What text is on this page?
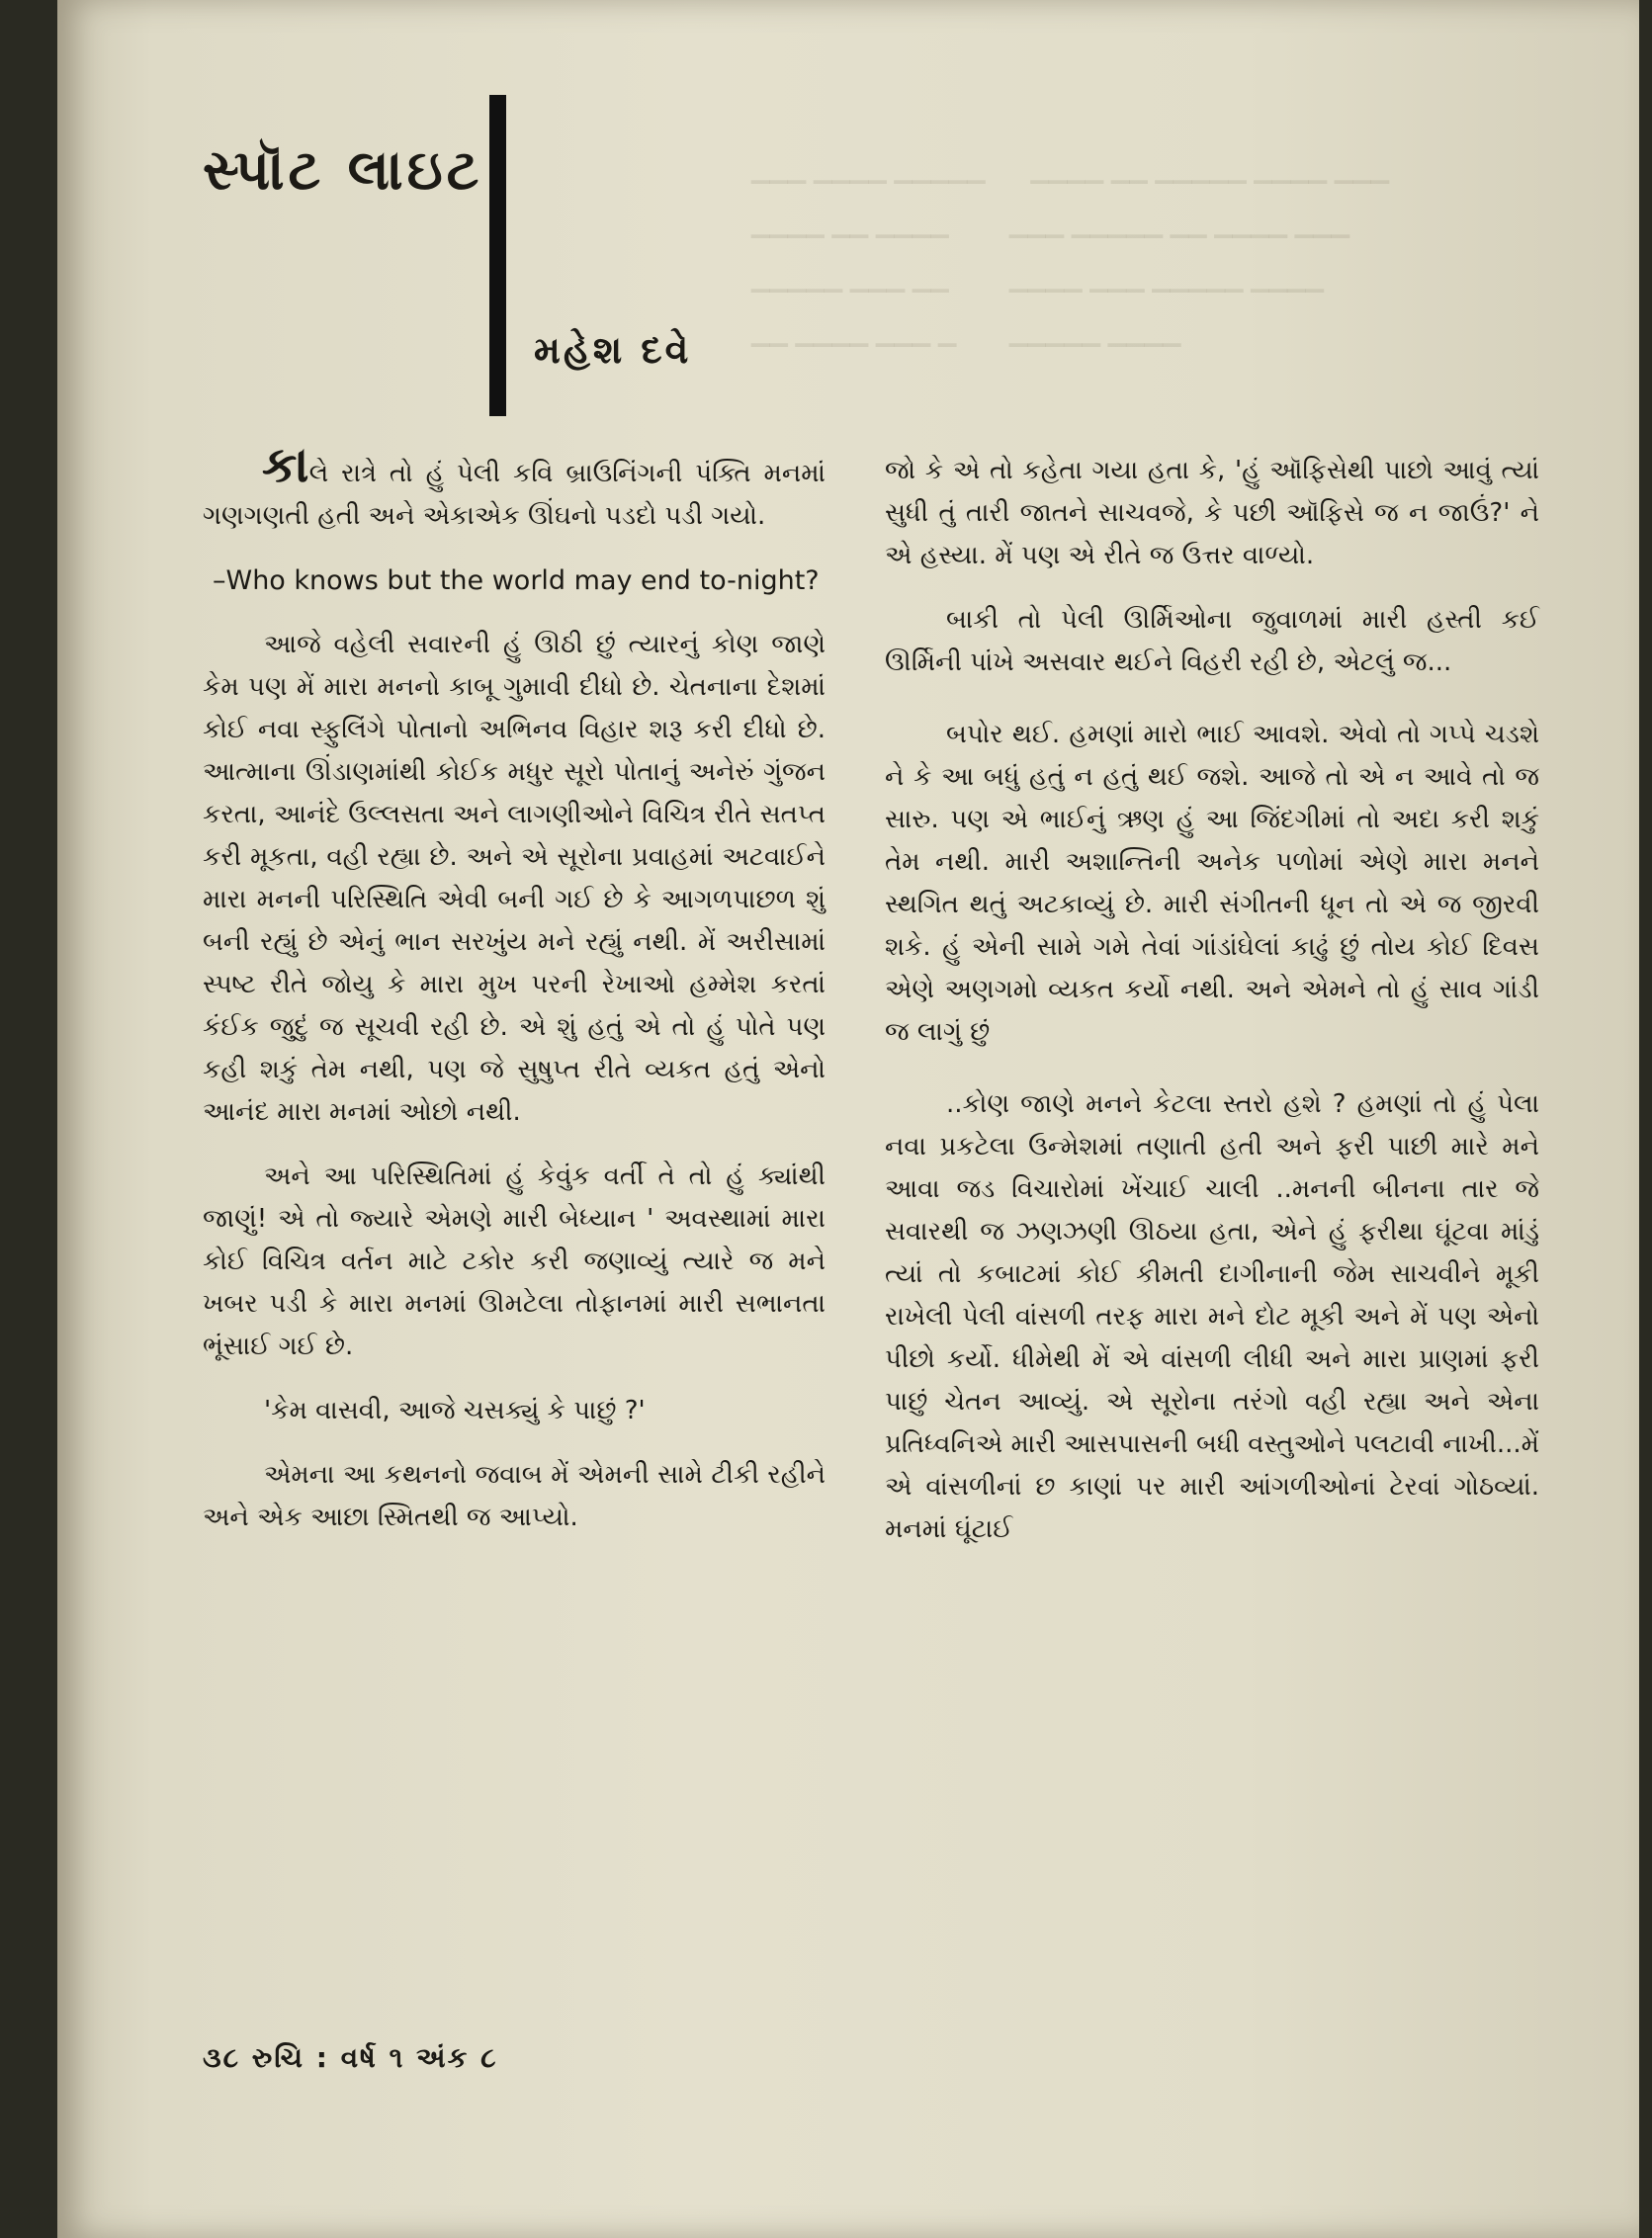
▁▁▁ ▁▁▁▁ ▁▁▁▁▁      ▁▁▁▁ ▁▁ ▁▁▁▁▁ ▁▁▁▁ ▁▁▁
▁▁▁▁ ▁▁ ▁▁▁▁        ▁▁▁ ▁▁▁▁▁ ▁▁ ▁▁▁▁ ▁▁▁
▁▁▁▁▁ ▁▁▁ ▁▁        ▁▁▁▁ ▁▁▁ ▁▁▁▁▁ ▁▁▁▁
▁▁ ▁▁▁▁ ▁▁▁ ▁       ▁▁▁▁▁ ▁▁▁▁

સ્પૉટ લાઇટ
મહેશ દવે

કાલે રાત્રે તો હું પેલી કવિ બ્રાઉનિંગની પંક્તિ મનમાં ગણગણતી હતી અને એકાએક ઊંઘનો પડદો પડી ગયો.

–Who knows but the world may end to-night?

આજે વહેલી સવારની હું ઊઠી છું ત્યારનું કોણ જાણે કેમ પણ મેં મારા મનનો કાબૂ ગુમાવી દીધો છે. ચેતનાના દેશમાં કોઈ નવા સ્ફુલિંગે પોતાનો અભિનવ વિહાર શરૂ કરી દીધો છે. આત્માના ઊંડાણમાંથી કોઈક મધુર સૂરો પોતાનું અનેરું ગુંજન કરતા, આનંદે ઉલ્લસતા અને લાગણીઓને વિચિત્ર રીતે સતપ્ત કરી મૂકતા, વહી રહ્યા છે. અને એ સૂરોના પ્રવાહમાં અટવાઈને મારા મનની પરિસ્થિતિ એવી બની ગઈ છે કે આગળપાછળ શું બની રહ્યું છે એનું ભાન સરખુંય મને રહ્યું નથી. મેં અરીસામાં સ્પષ્ટ રીતે જોયુ કે મારા મુખ પરની રેખાઓ હમ્મેશ કરતાં કંઈક જુદું જ સૂચવી રહી છે. એ શું હતું એ તો હું પોતે પણ કહી શકું તેમ નથી, પણ જે સુષુપ્ત રીતે વ્યકત હતું એનો આનંદ મારા મનમાં ઓછો નથી.

અને આ પરિસ્થિતિમાં હું કેવુંક વર્તી તે તો હું ક્યાંથી જાણું! એ તો જ્યારે એમણે મારી બેધ્યાન ' અવસ્થામાં મારા કોઈ વિચિત્ર વર્તન માટે ટકોર કરી જણાવ્યું ત્યારે જ મને ખબર પડી કે મારા મનમાં ઊમટેલા તોફાનમાં મારી સભાનતા ભૂંસાઈ ગઈ છે.

'કેમ વાસવી, આજે ચસક્યું કે પાછું ?'

એમના આ કથનનો જવાબ મેં એમની સામે ટીકી રહીને અને એક આછા સ્મિતથી જ આપ્યો.

જો કે એ તો કહેતા ગયા હતા કે, 'હું ઑફિસેથી પાછો આવું ત્યાં સુધી તું તારી જાતને સાચવજે, કે પછી ઑફિસે જ ન જાઉં?' ને એ હસ્યા. મેં પણ એ રીતે જ ઉત્તર વાળ્યો.

બાકી તો પેલી ઊર્મિઓના જુવાળમાં મારી હસ્તી કઈ ઊર્મિની પાંખે અસવાર થઈને વિહરી રહી છે, એટલું જ...

બપોર થઈ. હમણાં મારો ભાઈ આવશે. એવો તો ગપ્પે ચડશે ને કે આ બધું હતું ન હતું થઈ જશે. આજે તો એ ન આવે તો જ સારુ. પણ એ ભાઈનું ઋણ હું આ જિંદગીમાં તો અદા કરી શકું તેમ નથી. મારી અશાન્તિની અનેક પળોમાં એણે મારા મનને સ્થગિત થતું અટકાવ્યું છે. મારી સંગીતની ધૂન તો એ જ જીરવી શકે. હું એની સામે ગમે તેવાં ગાંડાંઘેલાં કાઢું છું તોય કોઈ દિવસ એણે અણગમો વ્યકત કર્યો નથી. અને એમને તો હું સાવ ગાંડી જ લાગું છું

..કોણ જાણે મનને કેટલા સ્તરો હશે ? હમણાં તો હું પેલા નવા પ્રકટેલા ઉન્મેશમાં તણાતી હતી અને ફરી પાછી મારે મને આવા જડ વિચારોમાં ખેંચાઈ ચાલી ..મનની બીનના તાર જે સવારથી જ ઝણઝણી ઊઠયા હતા, એને હું ફરીથા ઘૂંટવા માંડું ત્યાં તો કબાટમાં કોઈ કીમતી દાગીનાની જેમ સાચવીને મૂકી રાખેલી પેલી વાંસળી તરફ મારા મને દોટ મૂકી અને મેં પણ એનો પીછો કર્યો. ધીમેથી મેં એ વાંસળી લીધી અને મારા પ્રાણમાં ફરી પાછું ચેતન આવ્યું. એ સૂરોના તરંગો વહી રહ્યા અને એના પ્રતિધ્વનિએ મારી આસપાસની બધી વસ્તુઓને પલટાવી નાખી...મેં એ વાંસળીનાં છ કાણાં પર મારી આંગળીઓનાં ટેરવાં ગોઠવ્યાં. મનમાં ઘૂંટાઈ

૩૮ રુચિ : વર્ષ ૧ અંક ૮
